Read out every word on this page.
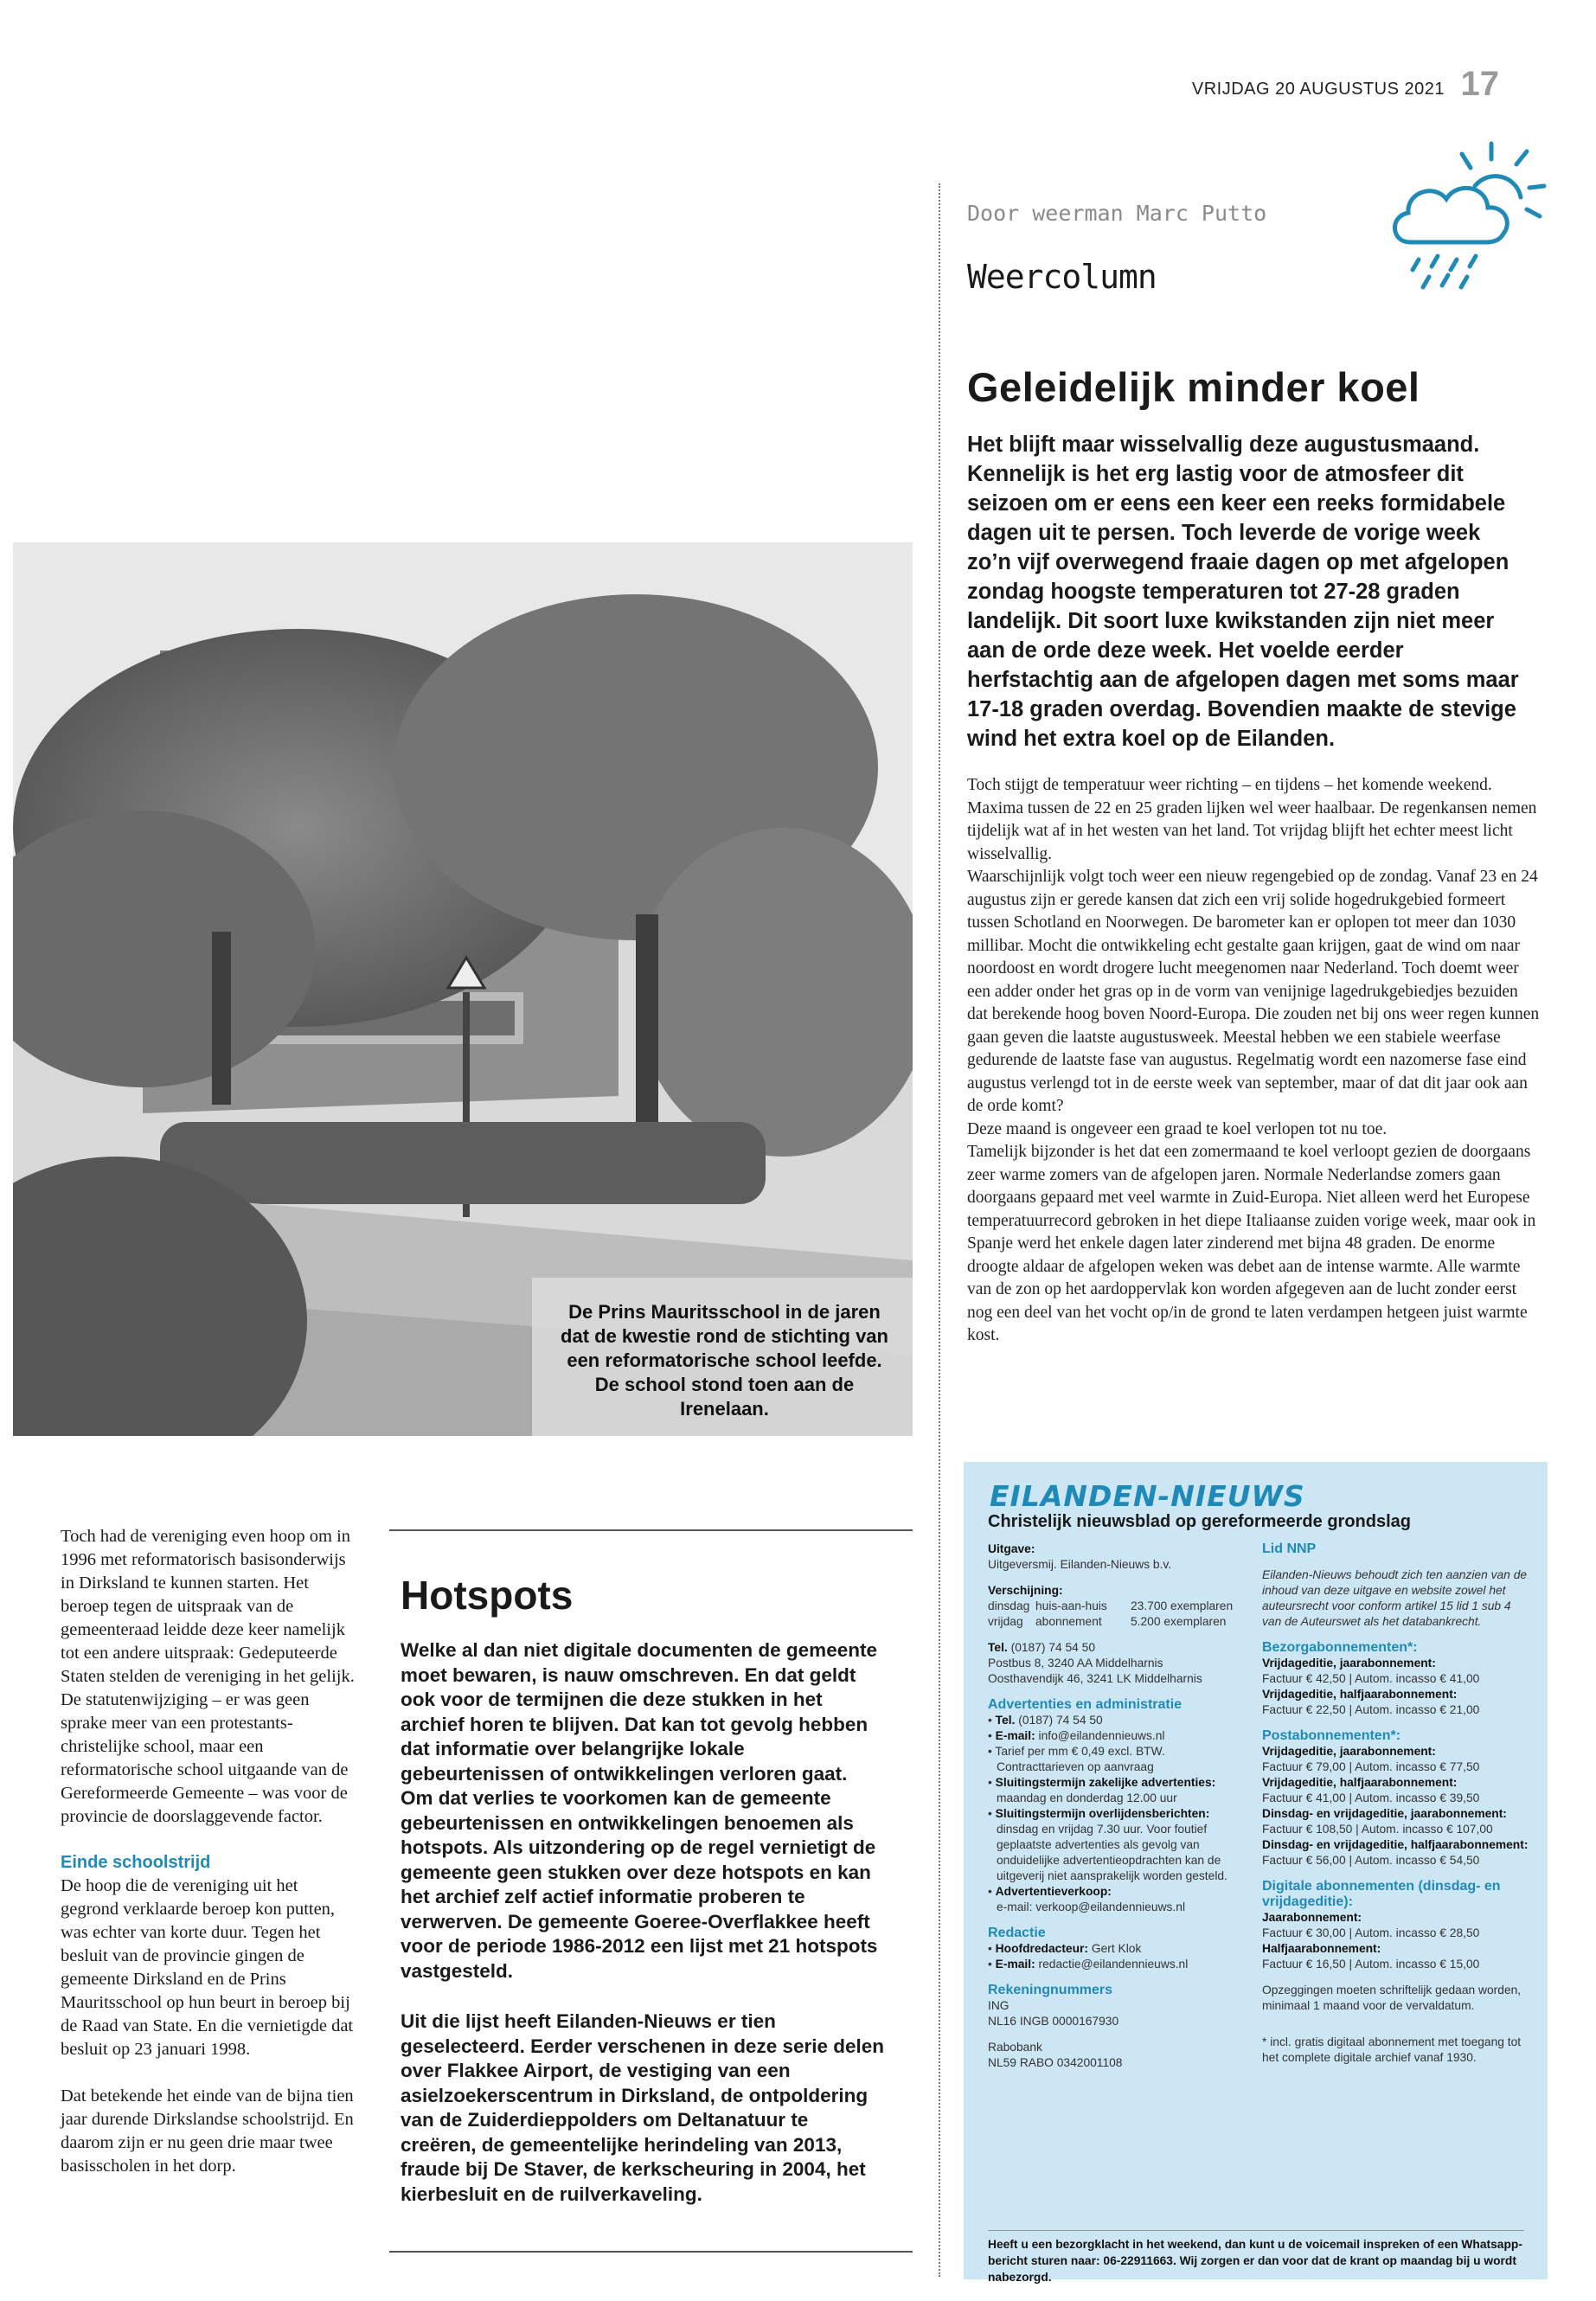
VRIJDAG 20 AUGUSTUS 2021 17
Door weerman Marc Putto
Weercolumn
Geleidelijk minder koel
Het blijft maar wisselvallig deze augustusmaand. Kennelijk is het erg lastig voor de atmosfeer dit seizoen om er eens een keer een reeks formidabele dagen uit te persen. Toch leverde de vorige week zo’n vijf overwegend fraaie dagen op met afgelopen zondag hoogste temperaturen tot 27-28 graden landelijk. Dit soort luxe kwikstanden zijn niet meer aan de orde deze week. Het voelde eerder herfstachtig aan de afgelopen dagen met soms maar 17-18 graden overdag. Bovendien maakte de stevige wind het extra koel op de Eilanden.

Toch stijgt de temperatuur weer richting – en tijdens – het komende weekend. Maxima tussen de 22 en 25 graden lijken wel weer haalbaar. De regenkansen nemen tijdelijk wat af in het westen van het land. Tot vrijdag blijft het echter meest licht wisselvallig.

Waarschijnlijk volgt toch weer een nieuw regengebied op de zondag. Vanaf 23 en 24 augustus zijn er gerede kansen dat zich een vrij solide hogedrukgebied formeert tussen Schotland en Noorwegen. De barometer kan er oplopen tot meer dan 1030 millibar. Mocht die ontwikkeling echt gestalte gaan krijgen, gaat de wind om naar noordoost en wordt drogere lucht meegenomen naar Nederland. Toch doemt weer een adder onder het gras op in de vorm van venijnige lagedrukgebiedjes bezuiden dat berekende hoog boven Noord-Europa. Die zouden net bij ons weer regen kunnen gaan geven die laatste augustusweek. Meestal hebben we een stabiele weerfase gedurende de laatste fase van augustus. Regelmatig wordt een nazomerse fase eind augustus verlengd tot in de eerste week van september, maar of dat dit jaar ook aan de orde komt?

Deze maand is ongeveer een graad te koel verlopen tot nu toe.

Tamelijk bijzonder is het dat een zomermaand te koel verloopt gezien de doorgaans zeer warme zomers van de afgelopen jaren. Normale Nederlandse zomers gaan doorgaans gepaard met veel warmte in Zuid-Europa. Niet alleen werd het Europese temperatuurrecord gebroken in het diepe Italiaanse zuiden vorige week, maar ook in Spanje werd het enkele dagen later zinderend met bijna 48 graden. De enorme droogte aldaar de afgelopen weken was debet aan de intense warmte. Alle warmte van de zon op het aardoppervlak kon worden afgegeven aan de lucht zonder eerst nog een deel van het vocht op/in de grond te laten verdampen hetgeen juist warmte kost.

De Prins Mauritsschool in de jaren dat de kwestie rond de stichting van een reformatorische school leefde. De school stond toen aan de Irenelaan.

Toch had de vereniging even hoop om in 1996 met reformatorisch basisonderwijs in Dirksland te kunnen starten. Het beroep tegen de uitspraak van de gemeenteraad leidde deze keer namelijk tot een andere uitspraak: Gedeputeerde Staten stelden de vereniging in het gelijk. De statutenwijziging – er was geen sprake meer van een protestants-christelijke school, maar een reformatorische school uitgaande van de Gereformeerde Gemeente – was voor de provincie de doorslaggevende factor.

Einde schoolstrijd

De hoop die de vereniging uit het gegrond verklaarde beroep kon putten, was echter van korte duur. Tegen het besluit van de provincie gingen de gemeente Dirksland en de Prins Mauritsschool op hun beurt in beroep bij de Raad van State. En die vernietigde dat besluit op 23 januari 1998.

Dat betekende het einde van de bijna tien jaar durende Dirkslandse schoolstrijd. En daarom zijn er nu geen drie maar twee basisscholen in het dorp.

Hotspots

Welke al dan niet digitale documenten de gemeente moet bewaren, is nauw omschreven. En dat geldt ook voor de termijnen die deze stukken in het archief horen te blijven. Dat kan tot gevolg hebben dat informatie over belangrijke lokale gebeurtenissen of ontwikkelingen verloren gaat. Om dat verlies te voorkomen kan de gemeente gebeurtenissen en ontwikkelingen benoemen als hotspots. Als uitzondering op de regel vernietigt de gemeente geen stukken over deze hotspots en kan het archief zelf actief informatie proberen te verwerven. De gemeente Goeree-Overflakkee heeft voor de periode 1986-2012 een lijst met 21 hotspots vastgesteld.

Uit die lijst heeft Eilanden-Nieuws er tien geselecteerd. Eerder verschenen in deze serie delen over Flakkee Airport, de vestiging van een asielzoekerscentrum in Dirksland, de ontpoldering van de Zuiderdieppolders om Deltanatuur te creëren, de gemeentelijke herindeling van 2013, fraude bij De Staver, de kerkscheuring in 2004, het kierbesluit en de ruilverkaveling.

EILANDEN-NIEUWS
Christelijk nieuwsblad op gereformeerde grondslag
Uitgave:
Uitgeversmij. Eilanden-Nieuws b.v.
Verschijning:
dinsdag huis-aan-huis 23.700 exemplaren
vrijdag abonnement 5.200 exemplaren
Tel. (0187) 74 54 50
Postbus 8, 3240 AA Middelharnis
Oosthavendijk 46, 3241 LK Middelharnis
Advertenties en administratie
• Tel. (0187) 74 54 50
• E-mail: info@eilandennieuws.nl
• Tarief per mm € 0,49 excl. BTW.
Contracttarieven op aanvraag
• Sluitingstermijn zakelijke advertenties:
maandag en donderdag 12.00 uur
• Sluitingstermijn overlijdensberichten:
dinsdag en vrijdag 7.30 uur. Voor foutief geplaatste advertenties als gevolg van onduidelijke advertentieopdrachten kan de uitgeverij niet aansprakelijk worden gesteld.
• Advertentieverkoop:
e-mail: verkoop@eilandennieuws.nl
Redactie
• Hoofdredacteur: Gert Klok
• E-mail: redactie@eilandennieuws.nl
Rekeningnummers
ING
NL16 INGB 0000167930
Rabobank
NL59 RABO 0342001108
Lid NNP
Eilanden-Nieuws behoudt zich ten aanzien van de inhoud van deze uitgave en website zowel het auteursrecht voor conform artikel 15 lid 1 sub 4 van de Auteurswet als het databankrecht.
Bezorgabonnementen*:
Vrijdageditie, jaarabonnement:
Factuur € 42,50 | Autom. incasso € 41,00
Vrijdageditie, halfjaarabonnement:
Factuur € 22,50 | Autom. incasso € 21,00
Postabonnementen*:
Vrijdageditie, jaarabonnement:
Factuur € 79,00 | Autom. incasso € 77,50
Vrijdageditie, halfjaarabonnement:
Factuur € 41,00 | Autom. incasso € 39,50
Dinsdag- en vrijdageditie, jaarabonnement:
Factuur € 108,50 | Autom. incasso € 107,00
Dinsdag- en vrijdageditie, halfjaarabonnement:
Factuur € 56,00 | Autom. incasso € 54,50
Digitale abonnementen (dinsdag- en vrijdageditie):
Jaarabonnement:
Factuur € 30,00 | Autom. incasso € 28,50
Halfjaarabonnement:
Factuur € 16,50 | Autom. incasso € 15,00
Opzeggingen moeten schriftelijk gedaan worden, minimaal 1 maand voor de vervaldatum.
* incl. gratis digitaal abonnement met toegang tot het complete digitale archief vanaf 1930.
Heeft u een bezorgklacht in het weekend, dan kunt u de voicemail inspreken of een Whatsapp-bericht sturen naar: 06-22911663. Wij zorgen er dan voor dat de krant op maandag bij u wordt nabezorgd.
